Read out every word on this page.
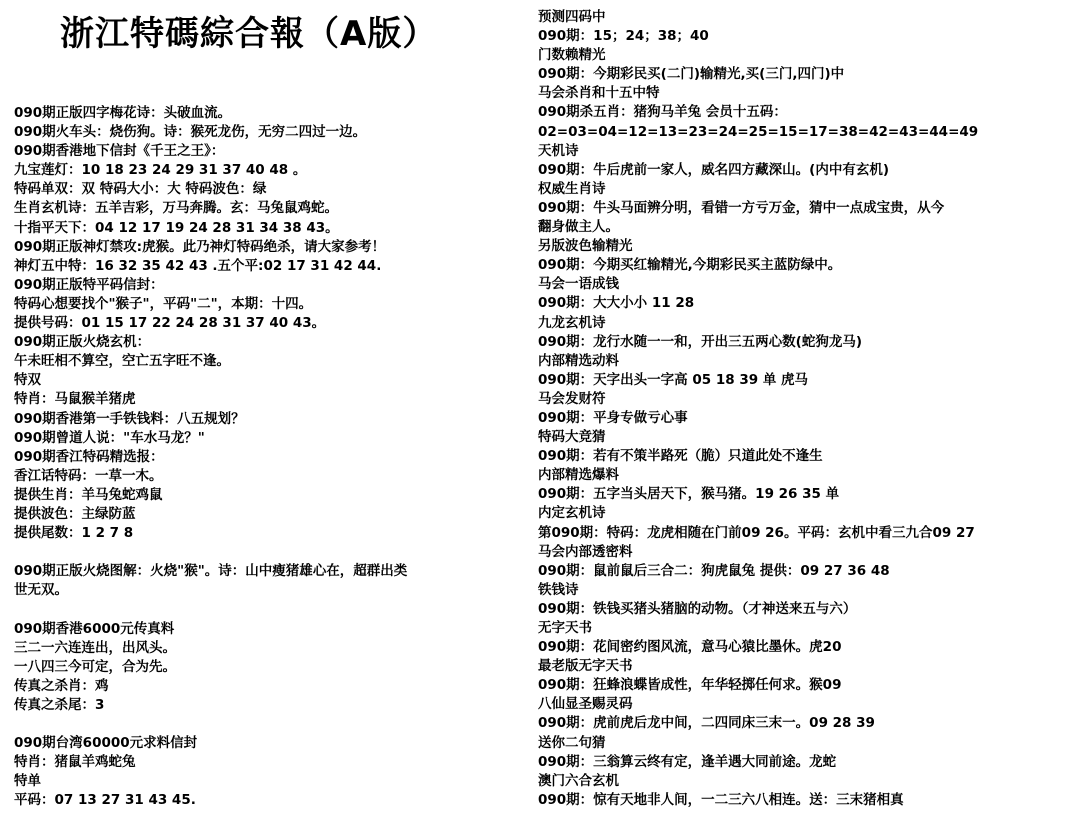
浙江特碼綜合報（A版）
090期正版四字梅花诗：头破血流。
090期火车头：烧伤狗。诗：猴死龙伤，无穷二四过一边。
090期香港地下信封《千王之王》：
九宝莲灯：10 18 23 24 29 31 37 40 48 。
特码单双：双 特码大小：大 特码波色：绿
生肖玄机诗：五羊吉彩，万马奔腾。玄：马兔鼠鸡蛇。
十指平天下：04 12 17 19 24 28 31 34 38 43。
090期正版神灯禁攻:虎猴。此乃神灯特码绝杀，请大家参考！
神灯五中特：16 32 35 42 43 .五个平:02 17 31 42 44.
090期正版特平码信封：
特码心想要找个"猴子"，平码"二"，本期：十四。
提供号码：01 15 17 22 24 28 31 37 40 43。
090期正版火烧玄机：
午未旺相不算空，空亡五字旺不逢。
特双
特肖：马鼠猴羊猪虎
090期香港第一手铁钱料：八五规划？
090期曾道人说："车水马龙？"
090期香江特码精选报：
香江话特码：一草一木。
提供生肖：羊马兔蛇鸡鼠
提供波色：主绿防蓝
提供尾数：1 2 7 8
090期正版火烧图解：火烧"猴"。诗：山中瘦猪雄心在，超群出类
世无双。
090期香港6000元传真料
三二一六连连出，出风头。
一八四三今可定，合为先。
传真之杀肖：鸡
传真之杀尾：3
090期台湾60000元求料信封
特肖：猪鼠羊鸡蛇兔
特单
平码：07 13 27 31 43 45.
预测四码中
090期：15；24；38；40
门数赖精光
090期：今期彩民买(二门)输精光,买(三门,四门)中
马会杀肖和十五中特
090期杀五肖：猪狗马羊兔 会员十五码：
02=03=04=12=13=23=24=25=15=17=38=42=43=44=49
天机诗
090期：牛后虎前一家人，威名四方藏深山。(内中有玄机)
权威生肖诗
090期：牛头马面辨分明，看错一方亏万金，猜中一点成宝贵，从今
翻身做主人。
另版波色输精光
090期：今期买红输精光,今期彩民买主蓝防绿中。
马会一语成钱
090期：大大小小 11 28
九龙玄机诗
090期：龙行水随一一和，开出三五两心数(蛇狗龙马)
内部精选动料
090期：天字出头一字高 05 18 39 单 虎马
马会发财符
090期：平身专做亏心事
特码大竞猜
090期：若有不策半路死（脆）只道此处不逢生
内部精选爆料
090期：五字当头居天下，猴马猪。19 26 35 单
内定玄机诗
第090期：特码：龙虎相随在门前09 26。平码：玄机中看三九合09 27
马会内部透密料
090期：鼠前鼠后三合二：狗虎鼠兔 提供：09 27 36 48
铁钱诗
090期：铁钱买猪头猪脑的动物。（才神送来五与六）
无字天书
090期：花间密约图风流，意马心猿比墨休。虎20
最老版无字天书
090期：狂蜂浪蝶皆成性，年华轻掷任何求。猴09
八仙显圣赐灵码
090期：虎前虎后龙中间，二四同床三末一。09 28 39
送你二句猜
090期：三翁算云终有定，逢羊遇大同前途。龙蛇
澳门六合玄机
090期：惊有天地非人间，一二三六八相连。送：三末猪相真
